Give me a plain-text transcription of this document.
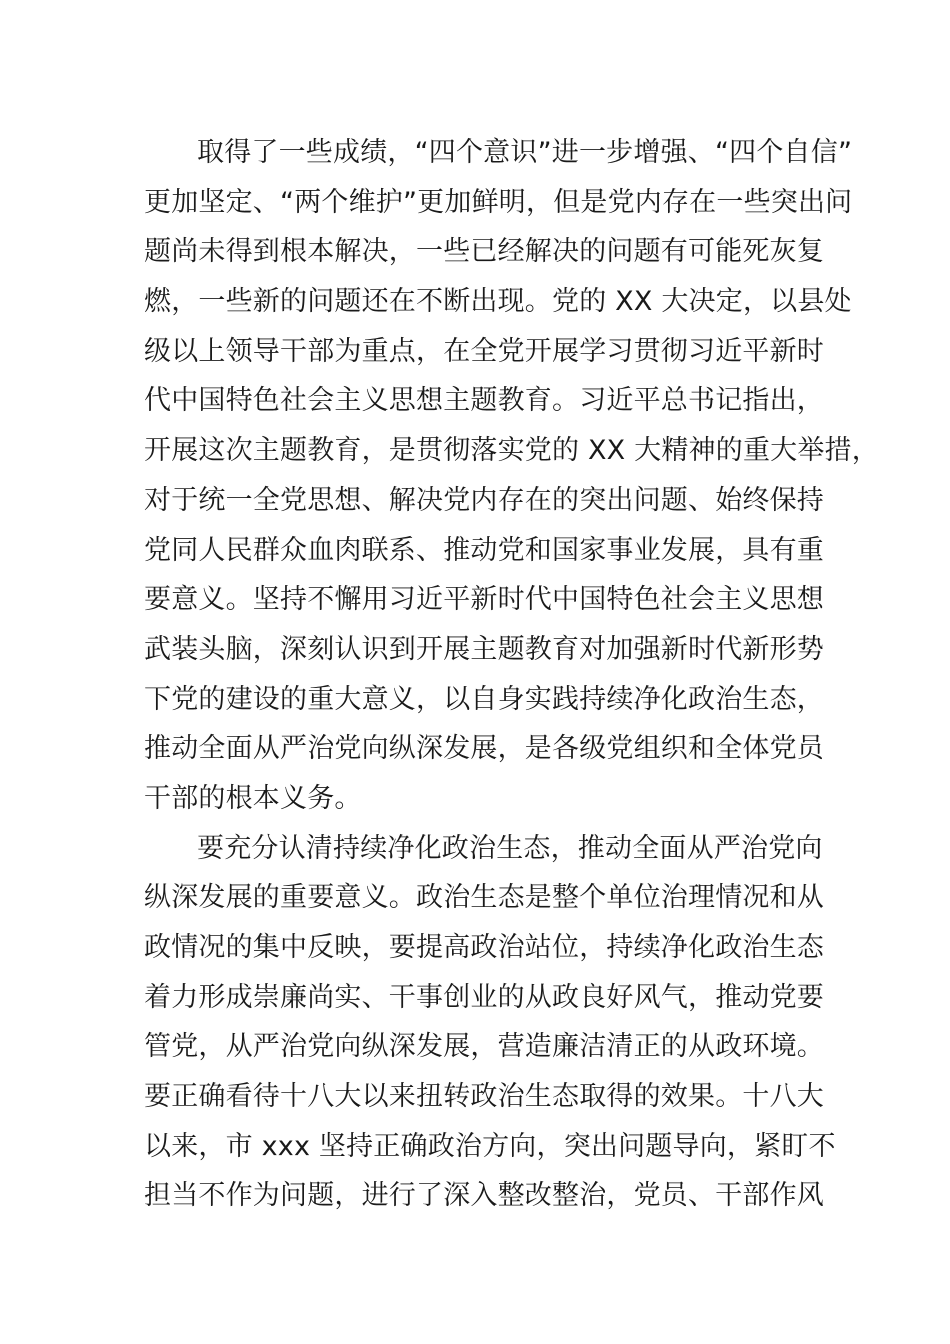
取得了一些成绩，“四个意识”进一步增强、“四个自信”
更加坚定、“两个维护”更加鲜明，但是党内存在一些突出问
题尚未得到根本解决，一些已经解决的问题有可能死灰复
燃，一些新的问题还在不断出现。党的 XX 大决定，以县处
级以上领导干部为重点，在全党开展学习贯彻习近平新时
代中国特色社会主义思想主题教育。习近平总书记指出，
开展这次主题教育，是贯彻落实党的 XX 大精神的重大举措，
对于统一全党思想、解决党内存在的突出问题、始终保持
党同人民群众血肉联系、推动党和国家事业发展，具有重
要意义。坚持不懈用习近平新时代中国特色社会主义思想
武装头脑，深刻认识到开展主题教育对加强新时代新形势
下党的建设的重大意义，以自身实践持续净化政治生态，
推动全面从严治党向纵深发展，是各级党组织和全体党员
干部的根本义务。
要充分认清持续净化政治生态，推动全面从严治党向
纵深发展的重要意义。政治生态是整个单位治理情况和从
政情况的集中反映，要提高政治站位，持续净化政治生态
着力形成崇廉尚实、干事创业的从政良好风气，推动党要
管党，从严治党向纵深发展，营造廉洁清正的从政环境。
要正确看待十八大以来扭转政治生态取得的效果。十八大
以来，市 xxx 坚持正确政治方向，突出问题导向，紧盯不
担当不作为问题，进行了深入整改整治，党员、干部作风
